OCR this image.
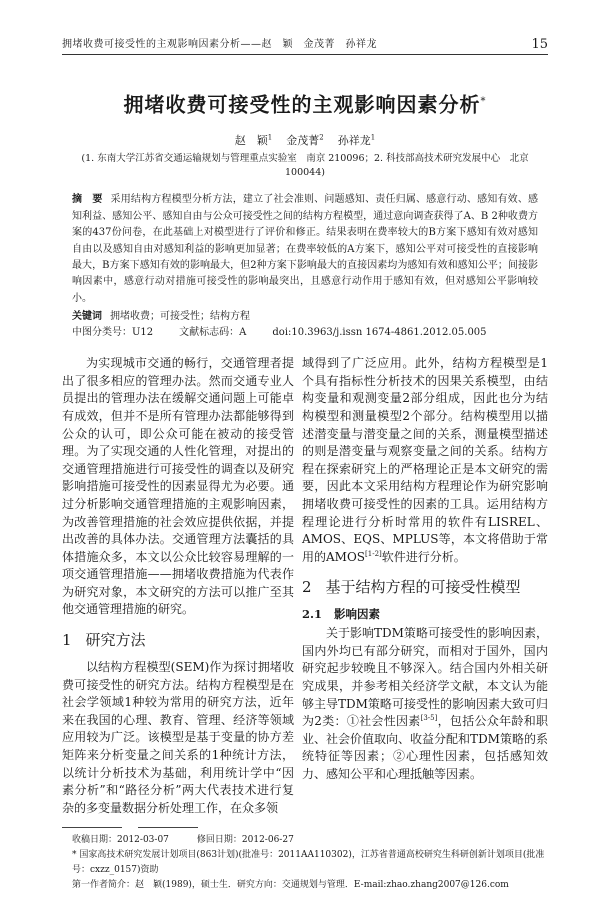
拥堵收费可接受性的主观影响因素分析——赵　颖　金茂菁　孙祥龙	15
拥堵收费可接受性的主观影响因素分析*
赵　颖$^1$ 金茂菁$^2$ 孙祥龙$^1$
(1. 东南大学江苏省交通运输规划与管理重点实验室　南京 210096；2. 科技部高技术研究发展中心　北京 100044)
摘　要 采用结构方程模型分析方法，建立了社会准则、问题感知、责任归属、感意行动、感知有效、感知利益、感知公平、感知自由与公众可接受性之间的结构方程模型，通过意向调查获得了A、B 2种收费方案的437份问卷，在此基础上对模型进行了评价和修正。结果表明在费率较大的B方案下感知有效对感知自由以及感知自由对感知利益的影响更加显著；在费率较低的A方案下，感知公平对可接受性的直接影响最大，B方案下感知有效的影响最大，但2种方案下影响最大的直接因素均为感知有效和感知公平；间接影响因素中，感意行动对措施可接受性的影响最突出，且感意行动作用于感知有效，但对感知公平影响较小。
关键词 拥堵收费；可接受性；结构方程
中图分类号：U12	文献标志码：A	doi:10.3963/j.issn 1674-4861.2012.05.005

为实现城市交通的畅行，交通管理者提出了很多相应的管理办法。然而交通专业人员提出的管理办法在缓解交通问题上可能卓有成效，但并不是所有管理办法都能够得到公众的认可，即公众可能在被动的接受管理。为了实现交通的人性化管理，对提出的交通管理措施进行可接受性的调查以及研究影响措施可接受性的因素显得尤为必要。通过分析影响交通管理措施的主观影响因素，为改善管理措施的社会效应提供依据，并提出改善的具体办法。交通管理方法囊括的具体措施众多，本文以公众比较容易理解的一项交通管理措施——拥堵收费措施为代表作为研究对象，本文研究的方法可以推广至其他交通管理措施的研究。

1 研究方法

以结构方程模型(SEM)作为探讨拥堵收费可接受性的研究方法。结构方程模型是在社会学领域1种较为常用的研究方法，近年来在我国的心理、教育、管理、经济等领域应用较为广泛。该模型是基于变量的协方差矩阵来分析变量之间关系的1种统计方法，以统计分析技术为基础，利用统计学中“因素分析”和“路径分析”两大代表技术进行复杂的多变量数据分析处理工作，在众多领

域得到了广泛应用。此外，结构方程模型是1个具有指标性分析技术的因果关系模型，由结构变量和观测变量2部分组成，因此也分为结构模型和测量模型2个部分。结构模型用以描述潜变量与潜变量之间的关系，测量模型描述的则是潜变量与观察变量之间的关系。结构方程在探索研究上的严格理论正是本文研究的需要，因此本文采用结构方程理论作为研究影响拥堵收费可接受性的因素的工具。运用结构方程理论进行分析时常用的软件有LISREL、AMOS、EQS、MPLUS等，本文将借助于常用的AMOS[1-2]软件进行分析。

2 基于结构方程的可接受性模型
2.1 影响因素

关于影响TDM策略可接受性的影响因素，国内外均已有部分研究，而相对于国外，国内研究起步较晚且不够深入。结合国内外相关研究成果，并参考相关经济学文献，本文认为能够主导TDM策略可接受性的影响因素大致可归为2类：①社会性因素[3-5]，包括公众年龄和职业、社会价值取向、收益分配和TDM策略的系统特征等因素；②心理性因素，包括感知效力、感知公平和心理抵触等因素。

收稿日期：2012-03-07	修回日期：2012-06-27
* 国家高技术研究发展计划项目(863计划)(批准号：2011AA110302)，江苏省普通高校研究生科研创新计划项目(批准号：cxzz_0157)资助
第一作者简介：赵　颖(1989)，硕士生．研究方向：交通规划与管理．E-mail:zhao.zhang2007@126.com
